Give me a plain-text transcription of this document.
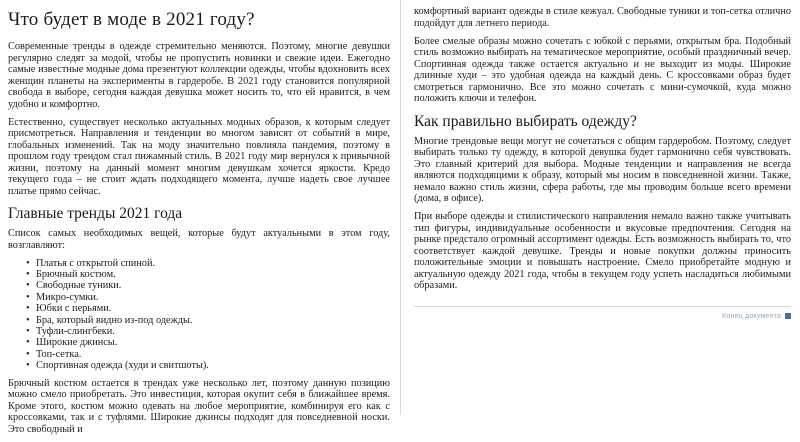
Что будет в моде в 2021 году?

Современные тренды в одежде стремительно меняются. Поэтому, многие девушки регулярно следят за модой, чтобы не пропустить новинки и свежие идеи. Ежегодно самые известные модные дома презентуют коллекции одежды, чтобы вдохновить всех женщин планеты на эксперименты в гардеробе. В 2021 году становится популярной свобода в выборе, сегодня каждая девушка может носить то, что ей нравится, в чем удобно и комфортно.

Естественно, существует несколько актуальных модных образов, к которым следует присмотреться. Направления и тенденции во многом зависят от событий в мире, глобальных изменений. Так на моду значительно повлияла пандемия, поэтому в прошлом году трендом стал пижамный стиль. В 2021 году мир вернулся к привычной жизни, поэтому на данный момент многим девушкам хочется яркости. Кредо текущего года – не стоит ждать подходящего момента, лучше надеть свое лучшее платье прямо сейчас.

Главные тренды 2021 года

Список самых необходимых вещей, которые будут актуальными в этом году, возглавляют:

• Платья с открытой спиной.
• Брючный костюм.
• Свободные туники.
• Микро-сумки.
• Юбки с перьями.
• Бра, который видно из-под одежды.
• Туфли-слингбеки.
• Широкие джинсы.
• Топ-сетка.
• Спортивная одежда (худи и свитшоты).

Брючный костюм остается в трендах уже несколько лет, поэтому данную позицию можно смело приобретать. Это инвестиция, которая окупит себя в ближайшее время. Кроме этого, костюм можно одевать на любое мероприятие, комбинируя его как с кроссовками, так и с туфлями. Широкие джинсы подходят для повседневной носки. Это свободный и

комфортный вариант одежды в стиле кежуал. Свободные туники и топ-сетка отлично подойдут для летнего периода.

Более смелые образы можно сочетать с юбкой с перьями, открытым бра. Подобный стиль возможно выбирать на тематическое мероприятие, особый праздничный вечер. Спортивная одежда также остается актуально и не выходит из моды. Широкие длинные худи – это удобная одежда на каждый день. С кроссовками образ будет смотреться гармонично. Все это можно сочетать с мини-сумочкой, куда можно положить ключи и телефон.

Как правильно выбирать одежду?

Многие трендовые вещи могут не сочетаться с общим гардеробом. Поэтому, следует выбирать только ту одежду, в которой девушка будет гармонично себя чувствовать. Это главный критерий для выбора. Модные тенденции и направления не всегда являются подходящими к образу, который мы носим в повседневной жизни. Также, немало важно стиль жизни, сфера работы, где мы проводим больше всего времени (дома, в офисе).

При выборе одежды и стилистического направления немало важно также учитывать тип фигуры, индивидуальные особенности и вкусовые предпочтения. Сегодня на рынке предстало огромный ассортимент одежды. Есть возможность выбирать то, что соответствует каждой девушке. Тренды и новые покупки должны приносить положительные эмоции и повышать настроение. Смело приобретайте модную и актуальную одежду 2021 года, чтобы в текущем году успеть насладиться любимыми образами.

Конец документа
